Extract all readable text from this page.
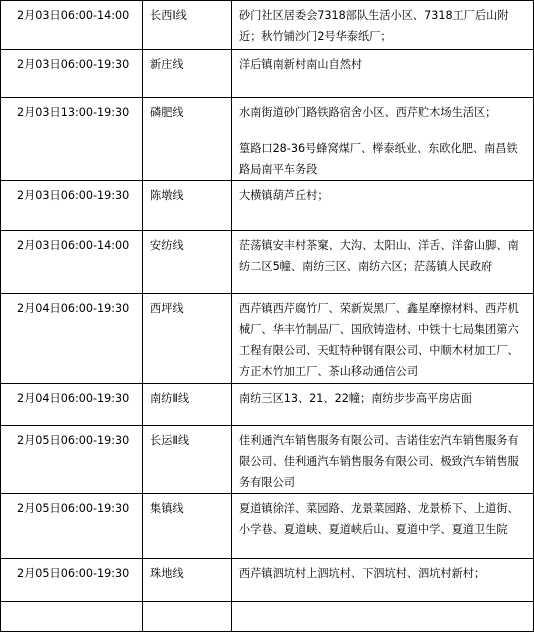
2月03日06:00-14:00	长西Ⅰ线	砂门社区居委会7318部队生活小区、7318工厂后山附近；秋竹铺沙门2号华泰纸厂；

2月03日06:00-19:30	新庄线	洋后镇南新村南山自然村

2月03日13:00-19:30	磷肥线	水南街道砂门路铁路宿舍小区、西芹贮木场生活区；
篁路口28-36号蜂窝煤厂、榉泰纸业、东欧化肥、南昌铁路局南平车务段

2月03日06:00-19:30	陈墩线	大横镇葫芦丘村；

2月03日06:00-14:00	安纺线	茫荡镇安丰村茶窠、大沟、太阳山、洋舌、洋畲山脚、南纺二区5幢、南纺三区、南纺六区；茫荡镇人民政府

2月04日06:00-19:30	西坪线	西芹镇西芹腐竹厂、荣新炭黑厂、鑫星摩擦材料、西芹机械厂、华丰竹制品厂、国欣铸造材、中铁十七局集团第六工程有限公司、天虹特种钢有限公司、中顺木材加工厂、方正木竹加工厂、茶山移动通信公司

2月04日06:00-19:30	南纺Ⅱ线	南纺三区13、21、22幢；南纺步步高平房店面

2月05日06:00-19:30	长运Ⅱ线	佳利通汽车销售服务有限公司、吉诺佳宏汽车销售服务有限公司、佳利通汽车销售服务有限公司、极致汽车销售服务有限公司

2月05日06:00-19:30	集镇线	夏道镇徐洋、菜园路、龙景菜园路、龙景桥下、上道街、小学巷、夏道峡、夏道峡后山、夏道中学、夏道卫生院

2月05日06:00-19:30	珠地线	西芹镇泗坑村上泗坑村、下泗坑村、泗坑村新村；
